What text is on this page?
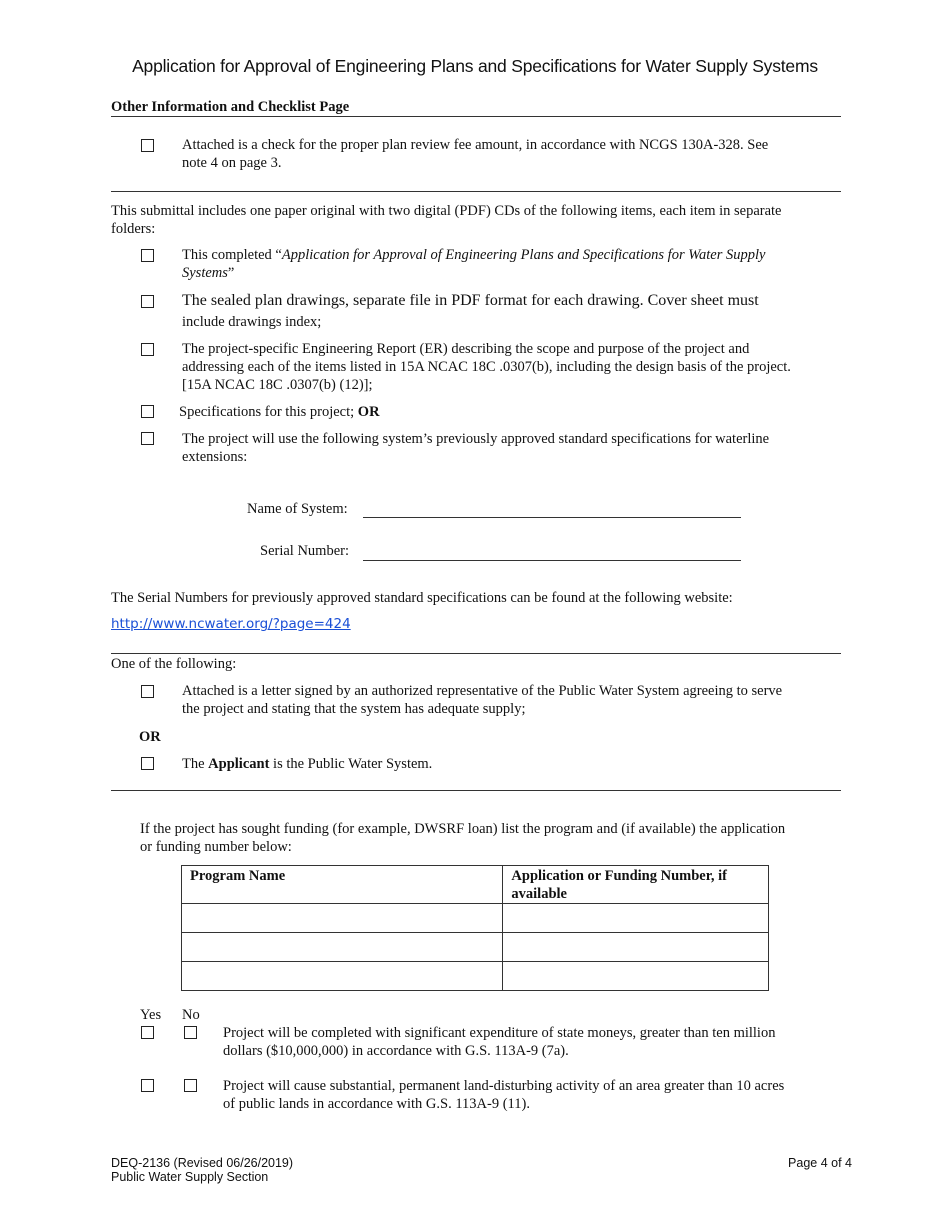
Application for Approval of Engineering Plans and Specifications for Water Supply Systems
Other Information and Checklist Page
Attached is a check for the proper plan review fee amount, in accordance with NCGS 130A-328. See
note 4 on page 3.
This submittal includes one paper original with two digital (PDF) CDs of the following items, each item in separate
folders:
This completed “Application for Approval of Engineering Plans and Specifications for Water Supply
Systems”
The sealed plan drawings, separate file in PDF format for each drawing. Cover sheet must
include drawings index;
The project-specific Engineering Report (ER) describing the scope and purpose of the project and
addressing each of the items listed in 15A NCAC 18C .0307(b), including the design basis of the project.
[15A NCAC 18C .0307(b) (12)];
Specifications for this project; OR
The project will use the following system’s previously approved standard specifications for waterline
extensions:
Name of System:
Serial Number:
The Serial Numbers for previously approved standard specifications can be found at the following website:
http://www.ncwater.org/?page=424
One of the following:
Attached is a letter signed by an authorized representative of the Public Water System agreeing to serve
the project and stating that the system has adequate supply;
OR
The Applicant is the Public Water System.
If the project has sought funding (for example, DWSRF loan) list the program and (if available) the application
or funding number below:
Program Name	Application or Funding Number, if available

Yes No
Project will be completed with significant expenditure of state moneys, greater than ten million
dollars ($10,000,000) in accordance with G.S. 113A-9 (7a).
Project will cause substantial, permanent land-disturbing activity of an area greater than 10 acres
of public lands in accordance with G.S. 113A-9 (11).
DEQ-2136 (Revised 06/26/2019)
Public Water Supply Section
Page 4 of 4
